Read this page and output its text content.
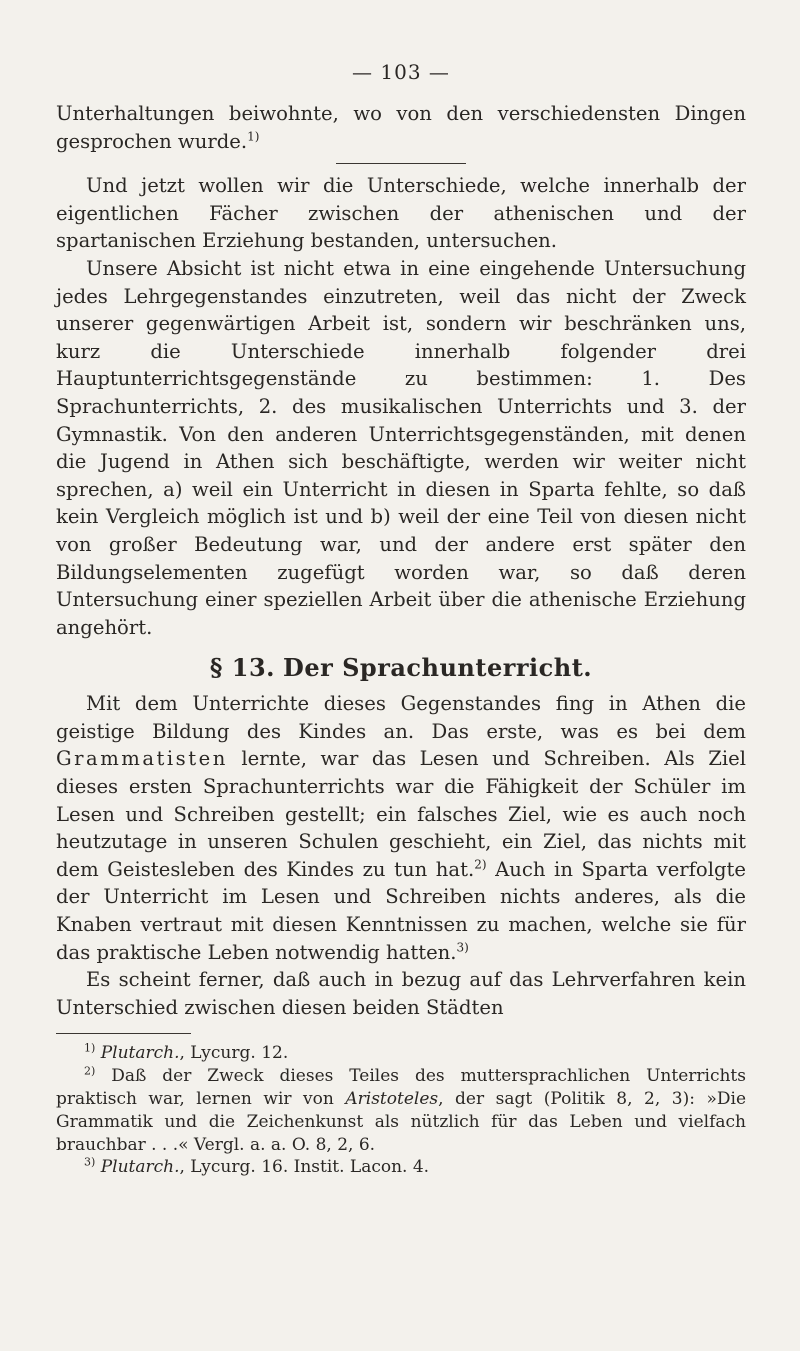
— 103 —

Unterhaltungen beiwohnte, wo von den verschiedensten Dingen gesprochen wurde.$^{1)}$

Und jetzt wollen wir die Unterschiede, welche innerhalb der eigentlichen Fächer zwischen der athenischen und der spartanischen Erziehung bestanden, untersuchen.

Unsere Absicht ist nicht etwa in eine eingehende Untersuchung jedes Lehrgegenstandes einzutreten, weil das nicht der Zweck unserer gegenwärtigen Arbeit ist, sondern wir beschränken uns, kurz die Unterschiede innerhalb folgender drei Hauptunterrichtsgegenstände zu bestimmen: 1. Des Sprachunterrichts, 2. des musikalischen Unterrichts und 3. der Gymnastik. Von den anderen Unterrichtsgegenständen, mit denen die Jugend in Athen sich beschäftigte, werden wir weiter nicht sprechen, a) weil ein Unterricht in diesen in Sparta fehlte, so daß kein Vergleich möglich ist und b) weil der eine Teil von diesen nicht von großer Bedeutung war, und der andere erst später den Bildungselementen zugefügt worden war, so daß deren Untersuchung einer speziellen Arbeit über die athenische Erziehung angehört.

§ 13. Der Sprachunterricht.

Mit dem Unterrichte dieses Gegenstandes fing in Athen die geistige Bildung des Kindes an. Das erste, was es bei dem Grammatisten lernte, war das Lesen und Schreiben. Als Ziel dieses ersten Sprachunterrichts war die Fähigkeit der Schüler im Lesen und Schreiben gestellt; ein falsches Ziel, wie es auch noch heutzutage in unseren Schulen geschieht, ein Ziel, das nichts mit dem Geistesleben des Kindes zu tun hat.$^{2)}$ Auch in Sparta verfolgte der Unterricht im Lesen und Schreiben nichts anderes, als die Knaben vertraut mit diesen Kenntnissen zu machen, welche sie für das praktische Leben notwendig hatten.$^{3)}$

Es scheint ferner, daß auch in bezug auf das Lehrverfahren kein Unterschied zwischen diesen beiden Städten

$^{1)}$ Plutarch., Lycurg. 12.

$^{2)}$ Daß der Zweck dieses Teiles des muttersprachlichen Unterrichts praktisch war, lernen wir von Aristoteles, der sagt (Politik 8, 2, 3): »Die Grammatik und die Zeichenkunst als nützlich für das Leben und vielfach brauchbar . . .« Vergl. a. a. O. 8, 2, 6.

$^{3)}$ Plutarch., Lycurg. 16. Instit. Lacon. 4.
